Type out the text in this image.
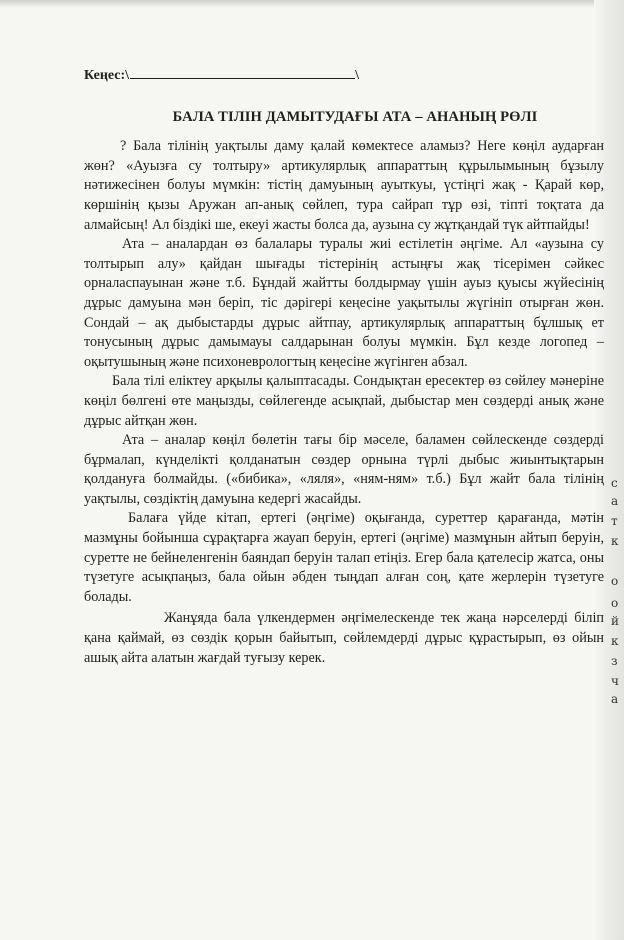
Кеңес:\	\
БАЛА ТІЛІН ДАМЫТУДАҒЫ АТА – АНАНЫҢ РӨЛІ

? Бала тілінің уақтылы даму қалай көмектесе аламыз? Неге көңіл аударған жөн? «Ауызға су толтыру» артикулярлық аппараттың құрылымының бұзылу нәтижесінен болуы мүмкін: тістің дамуының ауыткуы, үстіңгі жақ - Қарай көр, көршінің қызы Аружан ап-анық сөйлеп, тура сайрап тұр өзі, тіпті тоқтата да алмайсың! Ал біздікі ше, екеуі жасты болса да, аузына су жұтқандай түк айтпайды!

Ата – аналардан өз балалары туралы жиі естілетін әңгіме. Ал «аузына су толтырып алу» қайдан шығады тістерінің астыңғы жақ тісерімен сәйкес орналаспауынан және т.б. Бұндай жайтты болдырмау үшін ауыз қуысы жүйесінің дұрыс дамуына мән беріп, тіс дәрігері кеңесіне уақытылы жүгініп отырған жөн. Сондай – ақ дыбыстарды дұрыс айтпау, артикулярлық аппараттың бұлшық ет тонусының дұрыс дамымауы салдарынан болуы мүмкін. Бұл кезде логопед – оқытушының және психоневрологтың кеңесіне жүгінген абзал.

Бала тілі еліктеу арқылы қалыптасады. Сондықтан ересектер өз сөйлеу мәнеріне көңіл бөлгені өте маңызды, сөйлегенде асықпай, дыбыстар мен сөздерді анық және дұрыс айтқан жөн.

Ата – аналар көңіл бөлетін тағы бір мәселе, баламен сөйлескенде сөздерді бұрмалап, күнделікті қолданатын сөздер орнына түрлі дыбыс жиынтықтарын қолдануға болмайды. («бибика», «ляля», «ням-ням» т.б.) Бұл жайт бала тілінің уақтылы, сөздіктің дамуына кедергі жасайды.

Балаға үйде кітап, ертегі (әңгіме) оқығанда, суреттер қарағанда, мәтін мазмұны бойынша сұрақтарға жауап беруін, ертегі (әңгіме) мазмұнын айтып беруін, суретте не бейнеленгенін баяндап беруін талап етіңіз. Егер бала қателесір жатса, оны түзетуге асықпаңыз, бала ойын әбден тыңдап алған соң, қате жерлерін түзетуге болады.

Жанұяда бала үлкендермен әңгімелескенде тек жаңа нәрселерді біліп қана қаймай, өз сөздік қорын байытып, сөйлемдерді дұрыс құрастырып, өз ойын ашық айта алатын жағдай туғызу керек.

с
а
т
к
о
о
й
к
з
ч
а
